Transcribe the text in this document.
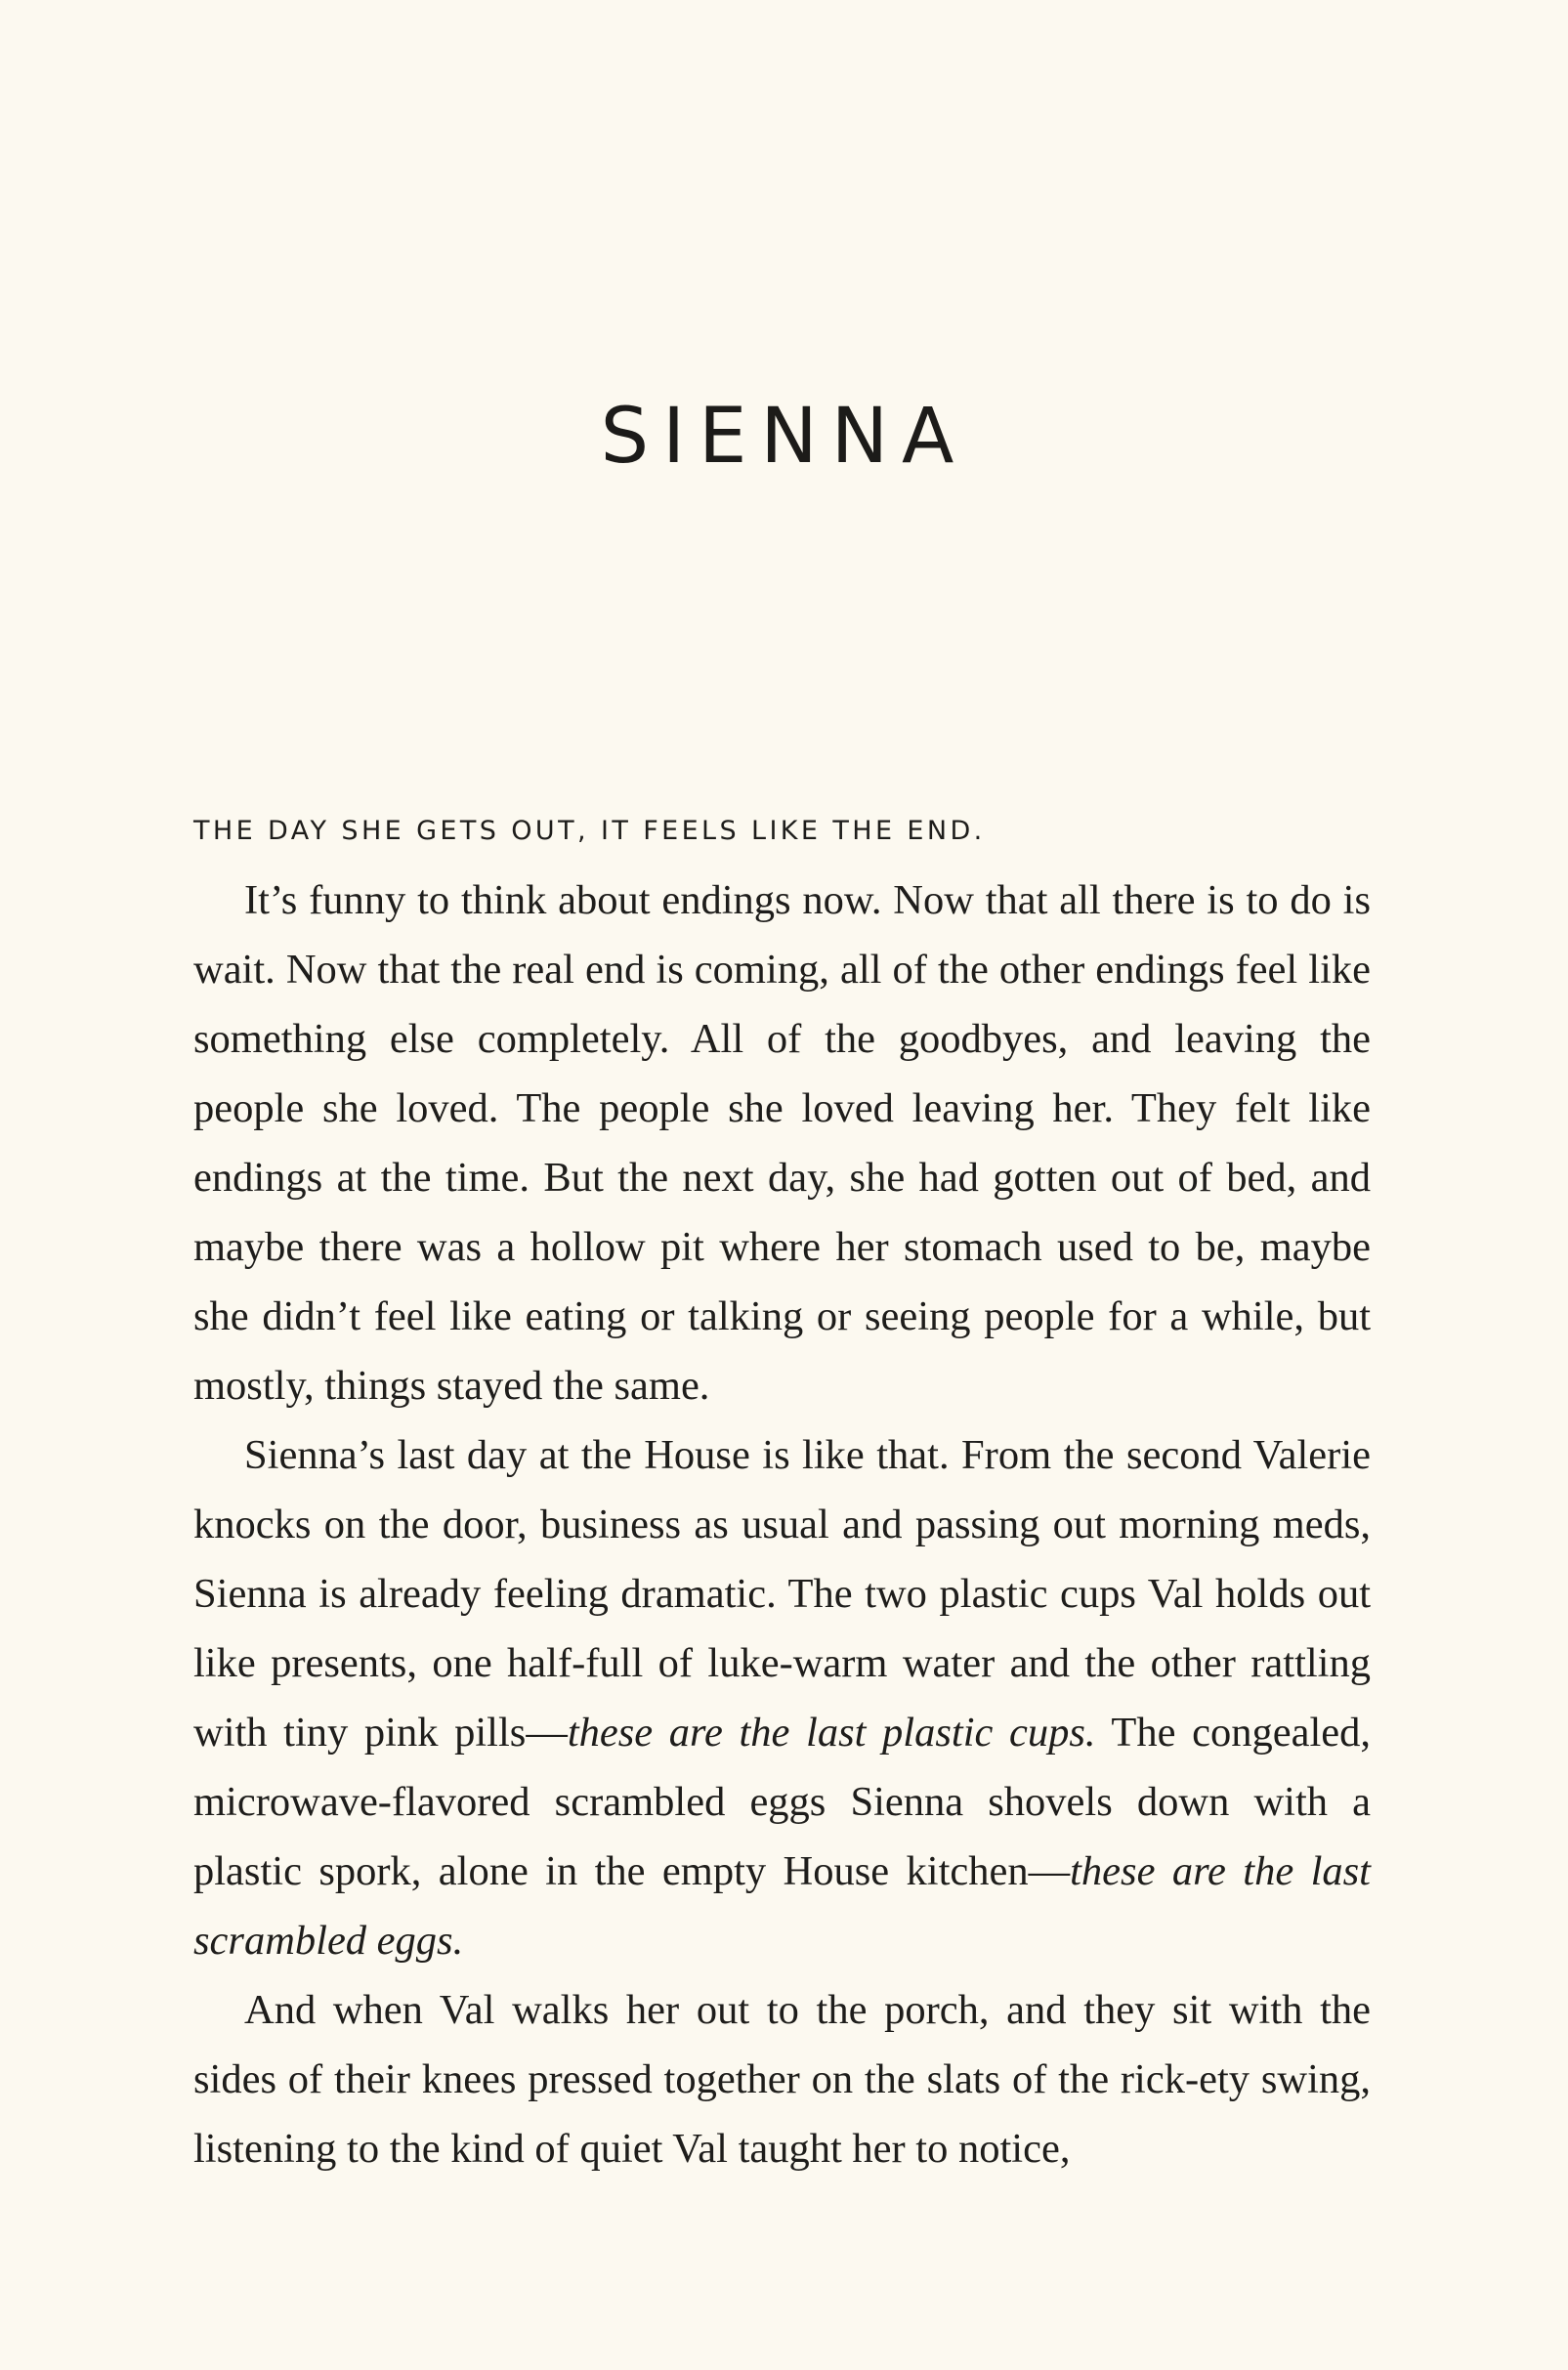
SIENNA

THE DAY SHE GETS OUT, IT FEELS LIKE THE END.

It’s funny to think about endings now. Now that all there is to do is wait. Now that the real end is coming, all of the other endings feel like something else completely. All of the goodbyes, and leaving the people she loved. The people she loved leaving her. They felt like endings at the time. But the next day, she had gotten out of bed, and maybe there was a hollow pit where her stomach used to be, maybe she didn’t feel like eating or talking or seeing people for a while, but mostly, things stayed the same.

Sienna’s last day at the House is like that. From the second Valerie knocks on the door, business as usual and passing out morning meds, Sienna is already feeling dramatic. The two plastic cups Val holds out like presents, one half-full of luke-warm water and the other rattling with tiny pink pills—these are the last plastic cups. The congealed, microwave-flavored scrambled eggs Sienna shovels down with a plastic spork, alone in the empty House kitchen—these are the last scrambled eggs.

And when Val walks her out to the porch, and they sit with the sides of their knees pressed together on the slats of the rick-ety swing, listening to the kind of quiet Val taught her to notice,
